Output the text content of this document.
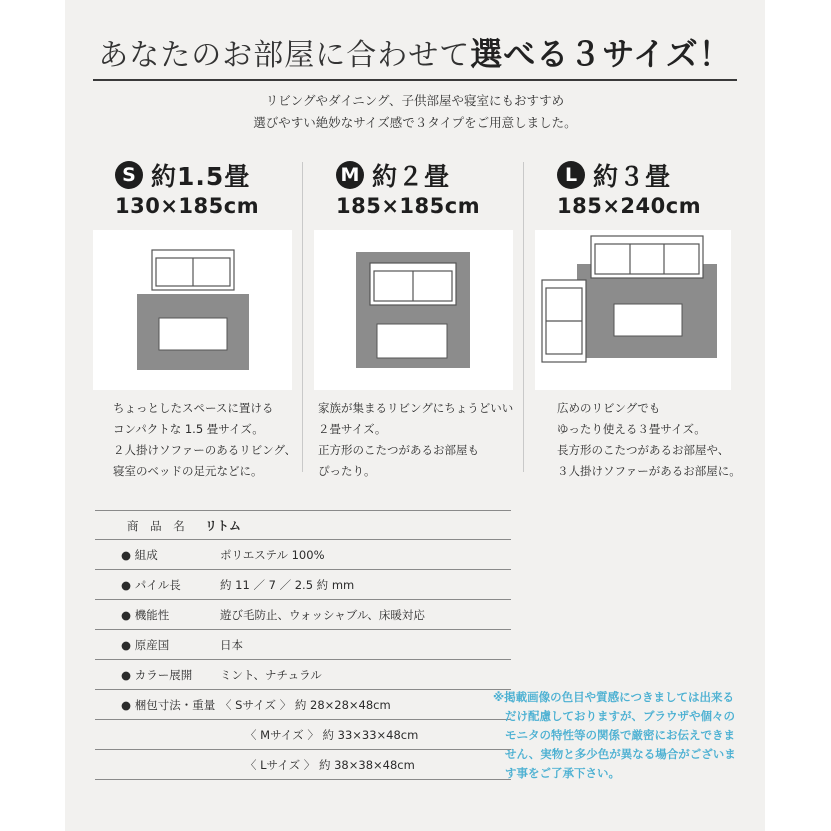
あなたのお部屋に合わせて選べる３サイズ！

リビングやダイニング、子供部屋や寝室にもおすすめ

選びやすい絶妙なサイズ感で３タイプをご用意しました。

S 約1.5畳
130×185cm

ちょっとしたスペースに置ける

コンパクトな 1.5 畳サイズ。

２人掛けソファーのあるリビング、

寝室のベッドの足元などに。

M 約２畳
185×185cm

家族が集まるリビングにちょうどいい

２畳サイズ。

正方形のこたつがあるお部屋も

ぴったり。

L 約３畳
185×240cm

広めのリビングでも

ゆったり使える３畳サイズ。

長方形のこたつがあるお部屋や、

３人掛けソファーがあるお部屋に。

商 品 名 リトム
● 組成	ポリエステル 100%
● パイル長	約 11 ／ 7 ／ 2.5 約 mm
● 機能性	遊び毛防止、ウォッシャブル、床暖対応
● 原産国	日本
● カラー展開 ミント、ナチュラル
● 梱包寸法・重量 〈 Sサイズ 〉 約 28×28×48cm
〈 Mサイズ 〉 約 33×33×48cm
〈 Lサイズ 〉 約 38×38×48cm

※掲載画像の色目や質感につきましては出来る

だけ配慮しておりますが、ブラウザや個々の

モニタの特性等の関係で厳密にお伝えできま

せん、実物と多少色が異なる場合がございま

す事をご了承下さい。
